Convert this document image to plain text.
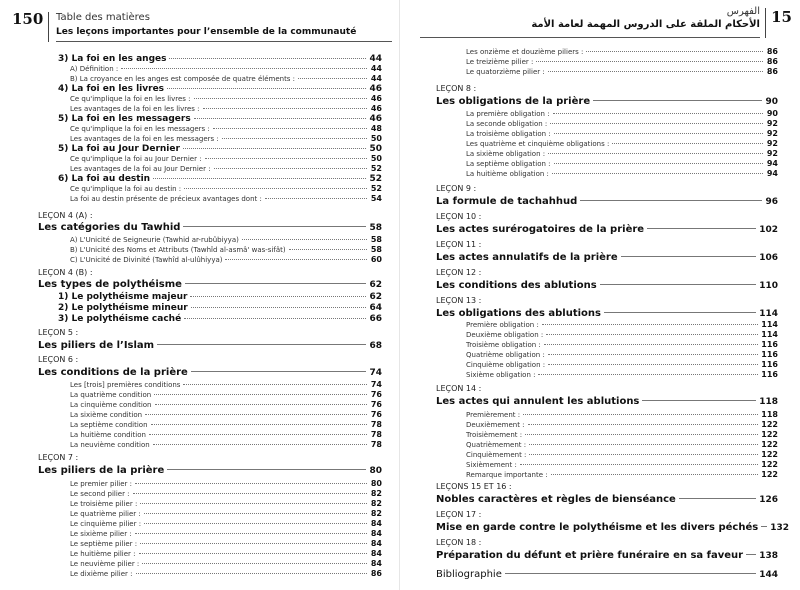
150 Table des matières
Les leçons importantes pour l’ensemble de la communauté
3) La foi en les anges	44
A) Définition :	44
B) La croyance en les anges est composée de quatre éléments :	44
4) La foi en les livres	46
Ce qu'implique la foi en les livres :	46
Les avantages de la foi en les livres :	46
5) La foi en les messagers	46
Ce qu'implique la foi en les messagers :	48
Les avantages de la foi en les messagers :	50
5) La foi au Jour Dernier	50
Ce qu'implique la foi au Jour Dernier :	50
Les avantages de la foi au Jour Dernier :	52
6) La foi au destin	52
Ce qu'implique la foi au destin :	52
La foi au destin présente de précieux avantages dont :	54
LEÇON 4 (A) :
Les catégories du Tawhid	58
A) L'Unicité de Seigneurie (Tawhid ar-rubûbiyya)	58
B) L'Unicité des Noms et Attributs (Tawhîd al-asmâ' was-sifât)	58
C) L'Unicité de Divinité (Tawhîd al-ulûhiyya)	60
LEÇON 4 (B) :
Les types de polythéisme	62
1) Le polythéisme majeur	62
2) Le polythéisme mineur	64
3) Le polythéisme caché	66
LEÇON 5 :
Les piliers de l’Islam	68
LEÇON 6 :
Les conditions de la prière	74
Les [trois] premières conditions	74
La quatrième condition	76
La cinquième condition	76
La sixième condition	76
La septième condition	78
La huitième condition	78
La neuvième condition	78
LEÇON 7 :
Les piliers de la prière	80
Le premier pilier :	80
Le second pilier :	82
Le troisième pilier :	82
Le quatrième pilier :	82
Le cinquième pilier :	84
Le sixième pilier :	84
Le septième pilier :	84
Le huitième pilier :	84
Le neuvième pilier :	84
Le dixième pilier :	86
15
الفهرس
الأحكام الملقة على الدروس المهمة لعامة الأمة
Les onzième et douzième piliers :	86
Le treizième pilier :	86
Le quatorzième pilier :	86
LEÇON 8 :
Les obligations de la prière	90
La première obligation :	90
La seconde obligation :	92
La troisième obligation :	92
Les quatrième et cinquième obligations :	92
La sixième obligation :	92
La septième obligation :	94
La huitième obligation :	94
LEÇON 9 :
La formule de tachahhud	96
LEÇON 10 :
Les actes surérogatoires de la prière	102
LEÇON 11 :
Les actes annulatifs de la prière	106
LEÇON 12 :
Les conditions des ablutions	110
LEÇON 13 :
Les obligations des ablutions	114
Première obligation :	114
Deuxième obligation :	114
Troisième obligation :	116
Quatrième obligation :	116
Cinquième obligation :	116
Sixième obligation :	116
LEÇON 14 :
Les actes qui annulent les ablutions	118
Premièrement :	118
Deuxièmement :	122
Troisièmement :	122
Quatrièmement :	122
Cinquièmement :	122
Sixièmement :	122
Remarque importante :	122
LEÇONS 15 ET 16 :
Nobles caractères et règles de bienséance	126
LEÇON 17 :
Mise en garde contre le polythéisme et les divers péchés 132
LEÇON 18 :
Préparation du défunt et prière funéraire en sa faveur 138
Bibliographie	144
